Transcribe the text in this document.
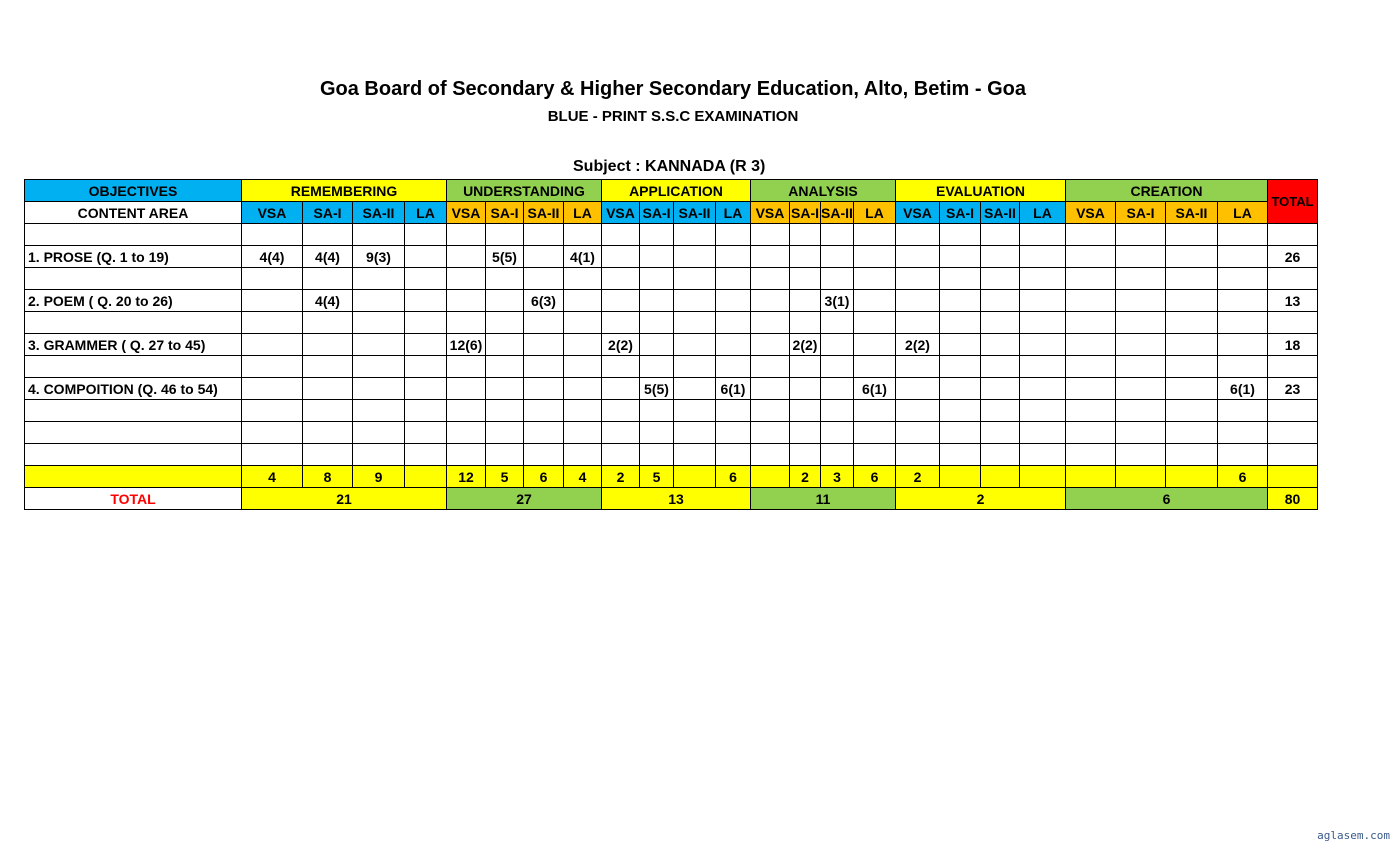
Goa Board of Secondary & Higher Secondary Education, Alto, Betim - Goa
BLUE - PRINT S.S.C EXAMINATION
Subject : KANNADA (R 3)
OBJECTIVES	REMEMBERING				UNDERSTANDING				APPLICATION				ANALYSIS				EVALUATION				CREATION				TOTAL
CONTENT AREA	VSA	SA-I	SA-II	LA	VSA	SA-I	SA-II	LA	VSA	SA-I	SA-II	LA	VSA	SA-I	SA-II	LA	VSA	SA-I	SA-II	LA	VSA	SA-I	SA-II	LA	

1. PROSE (Q. 1 to 19)	4(4)	4(4)	9(3)			5(5)		4(1)																	26

2. POEM ( Q. 20 to 26)		4(4)					6(3)								3(1)										13

3. GRAMMER ( Q. 27 to 45)					12(6)				2(2)					2(2)			2(2)								18

4. COMPOITION (Q. 46 to 54)										5(5)		6(1)				6(1)								6(1)	23

	4	8	9		12	5	6	4	2	5		6		2	3	6	2							6	
TOTAL	21				27				13				11				2				6				80
aglasem.com
